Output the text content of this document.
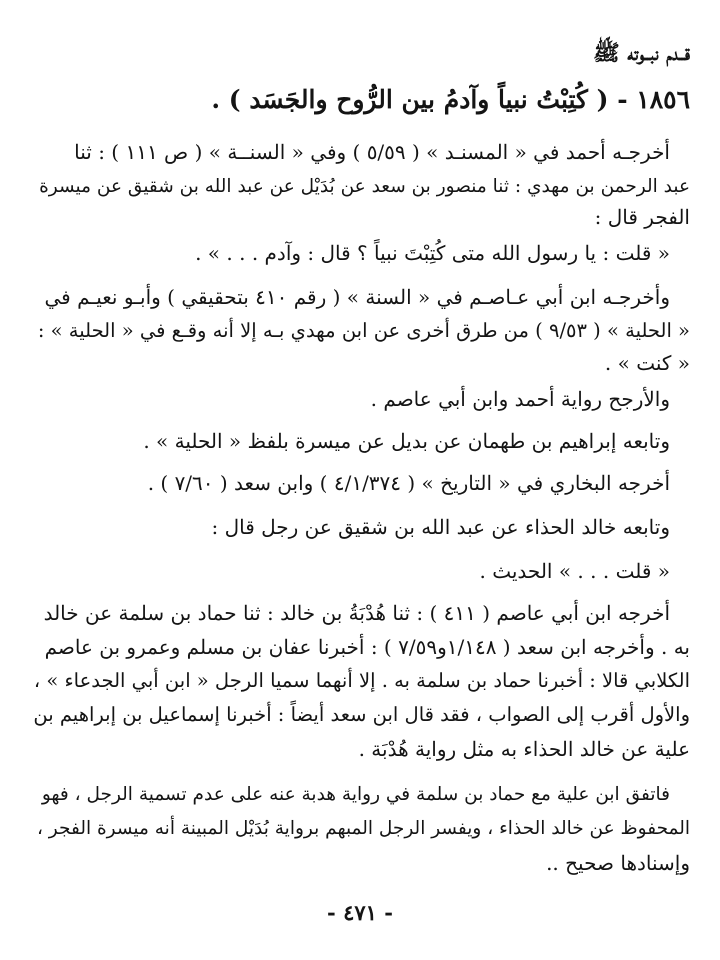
قــدم نبــوته ﷺ
١٨٥٦ - ( كُتِبْتُ نبياً وآدمُ بين الرُّوح والجَسَد ) .
أخرجـه أحمد في « المسنـد » ( ٥/٥٩ ) وفي « السنــة » ( ص ١١١ ) : ثنا
عبد الرحمن بن مهدي : ثنا منصور بن سعد عن بُدَيْل عن عبد الله بن شقيق عن ميسرة
الفجر قال :
« قلت : يا رسول الله متى كُتِبْتَ نبياً ؟ قال : وآدم . . . » .
وأخرجـه ابن أبي عـاصـم في « السنة » ( رقم ٤١٠ بتحقيقي ) وأبـو نعيـم في
« الحلية » ( ٩/٥٣ ) من طرق أخرى عن ابن مهدي بـه إلا أنه وقـع في « الحلية » :
« كنت » .
والأرجح رواية أحمد وابن أبي عاصم .
وتابعه إبراهيم بن طهمان عن بديل عن ميسرة بلفظ « الحلية » .
أخرجه البخاري في « التاريخ » ( ٤/١/٣٧٤ ) وابن سعد ( ٧/٦٠ ) .
وتابعه خالد الحذاء عن عبد الله بن شقيق عن رجل قال :
« قلت . . . » الحديث .
أخرجه ابن أبي عاصم ( ٤١١ ) : ثنا هُدْبَةُ بن خالد : ثنا حماد بن سلمة عن خالد
به . وأخرجه ابن سعد ( ١/١٤٨و٧/٥٩ ) : أخبرنا عفان بن مسلم وعمرو بن عاصم
الكلابي قالا : أخبرنا حماد بن سلمة به . إلا أنهما سميا الرجل « ابن أبي الجدعاء » ،
والأول أقرب إلى الصواب ، فقد قال ابن سعد أيضاً : أخبرنا إسماعيل بن إبراهيم بن
علية عن خالد الحذاء به مثل رواية هُدْبَة .
فاتفق ابن علية مع حماد بن سلمة في رواية هدبة عنه على عدم تسمية الرجل ، فهو
المحفوظ عن خالد الحذاء ، ويفسر الرجل المبهم برواية بُدَيْل المبينة أنه ميسرة الفجر ،
وإسنادها صحيح ..
- ٤٧١ -
